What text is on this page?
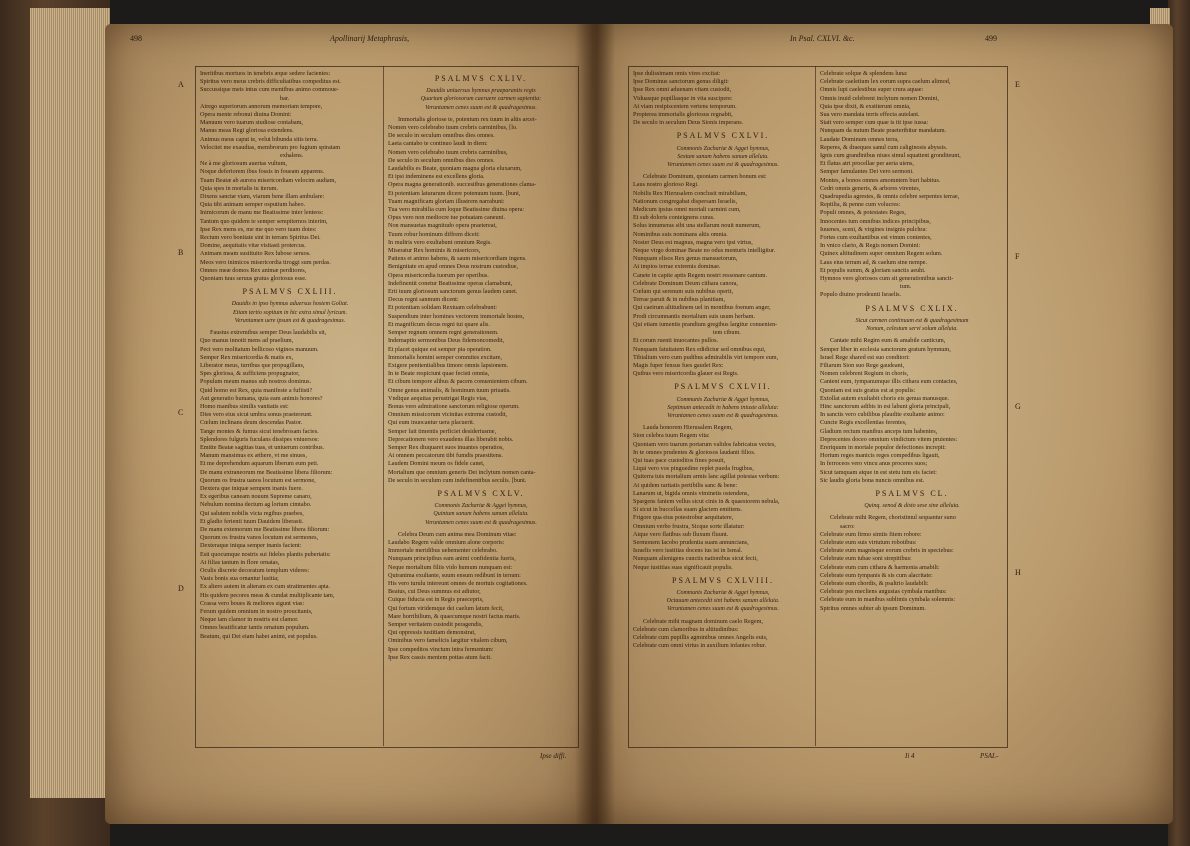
498	Apollinarij Metaphrasis,
A
B
C
D
Ineritibus mortuos in tenebris æque sedere facientes:
Spiritus vero meus crebris difficultatibus compeditus est.
Succussique meis intus cum mentibus animo commoue-
bar.
Atrego superiorum annorum memoriam tempore,
Opera mente rebonui diuina Domini:
Manuum vero tuarum studiose contabam,
Manus meas Regi gloriosa extendens.
Animus meus caput te, velut bibunda sitis terra.
Velocitet me exaudias, membrorum pro fugium spiratam
exhalens.
Ne à me gloriosum auertas vultum,
Noque deferiorem ibus fossis in foueam apparens.
Tuam Beatæ ab aurora misericordiam velocim audiam,
Quia spes in mortalis tu iterum.
Dixens sanctæ viam, viarum bene illam ambulare:
Quia tibi animam semper osputium habeo.
Inimicorum de manu me Beatissime inter lenteos:
Tantum quo quidem te semper sempiternos interim,
Ipse Rex mens es, me me quo vero tuam dotes:
Rectum vero bonitate sint in terram Spiritus Dei.
Domine, aequitatis vitæ visitasti protercus.
Animam meam sustituito Rex lubose seruos.
Meos vero inimicos misericordia tiroggi sum perdas.
Omnes meæ domos Rex animæ perditores,
Quoniam tuus seruus gratus gloriosus esse.
PSALMVS CXLIII.
Dauidis in ipso hymnus aduersus hostem Goliat.
Etiam tertio sopitum in hic extra simul lyricum.
Veruntamen uere ipsum est & quadragesimus.
Faustus extremibus semper Deus laudabilis sit,
Quo manus innotit mens ad praelium,
Pect vero molitatum bellicoso viginos manuum.
Semper Rex misericordia & matis ex,
Liberator meus, turribus que propugillans,
Spes gloriosa, & sufficiens propugnator,
Populum meum manus sub nostros dominus.
Quid homo est Rex, quia manifeste a fufiisti?
Aut generatio humana, quia eam animis honores?
Homo manibus similis vanitatis est:
Dies vero eius sicut umbra sonus praetereunt.
Cœlum inclinans deum descendas Pastor.
Tange montes & fumus sicut tenebrosam facies.
Splendores fulguris fuculans dissipes vniuersos:
Emitte Beatæ sagittas tuas, et uniuerum contribus.
Manum mansimus ex æthere, vt me sinues,
Et me deprehendum aquarum liberum eum peti.
De manu extraneorum me Beatissime libera filiorum:
Quorum os frustra uanos locutum est sermone,
Dextera que iniquæ sempem inanis fuere.
Ex egeribus caneam nouum Supreme canaro,
Nebulum nomina dectum ag lorium cimtabo.
Qui salutem nobilis victa regibus praebes,
Et gladio ferienti tuum Dauidem liberasti.
De manu extemorum me Beatissime libera filiorum:
Quorum os frustra vanos locutum est sermones,
Dexteraque iniqua semper inanis facient:
Esti quocumque nostris sui fideles plantis pubertatis:
At filias tantum in flore ornatas,
Oculis discrete decoratum templum videres:
Vasis bonis sua ornantur lusitia;
Ex altero autem in alteram ex cum stratimentes apta.
His quidem pecores meas & cundat multiplicante tam,
Crassa vero boues & meliores sigunt vias:
Ferum quidem omnium in nostro proucitanis,
Neque iam clamor in nostris est clamor.
Omnes beatificatur tantis ornatum populum.
Beatum, qui Dei eiam habet animi, est populus.
PSALMVS CXLIV.
Dauidis uniuersus hymnus praeparantis regis
Quartum gloriosorum caeruere carmen sapientia:
Veruntamen cenes suum est & quadragesimus.
Immortalis gloriose te, potentum rex tuum in altis arcet-
Nomen vero celebrabo tuum crebris carminibus, [lo.
De seculo in seculum omnibus dies omnes.
Laeta cantabo te continuo laudi in diem:
Nomen vero celebrabo tuum crebris carminibus,
De seculo in seculum omnibus dies omnes.
Laudabilis es Beate, quoniam magna gloria eluxarum,
Et ipsi indeminens est excellens gloria.
Opera magna generationib. succesiibus generationes clama-
Et potentiam laturarum dicere potenuum tuum. [buni,
Tuam magnificam gloriam illustrem narrabuni:
Tua vero mirabilia cum loque Beatissime diuina opera:
Opus vero non mediocre tue potuatam caneuni.
Non mansuetas magnitudo opera praetereat,
Tuum robur hominum diffrem diceit:
In multris vero exultabunt omnium Regis.
Miseratur Rex hominis & misericors,
Patiens et animo habens, & saum misericordiam ingens.
Benignitate en apud omnes Deus nostrum custodiue,
Opera misericordia tuorum per operibus.
Indefinentit conetur Beatissime operas clamabunt,
Erit tuum gloriosum sanctorum genus laudem canet.
Decus regni sanmum dicent:
Et potentiam solidam Rextuam celebrabunt:
Suspendium inter homines vectorem immortale hostes,
Et magnificum decus regni tui quare alis.
Semper regnum omnem regni generationem.
Indemaptio sermonibus Deus fidemoncomedit,
Et placet quique est semper pia operation.
Immortalis homini semper commites excitare,
Exigere penitentialibus timore omnis lapsionem.
In te Beate respiciunt quae fecisti omnia,
Et cibum tempore alibus & pacem conuenientem cibum.
Omne genus animalis, & hominum tuum priuatis.
Vndique aequitas perustrigat Regis vias,
Bonus vero admiratione sanctorum religiose operum.
Omnium missicorum vicinitas extrema custodit,
Qui eum inuocantur uera placuerit.
Semper fait timentis perficiet desideriusme,
Deprecationem vero exaudens illas liberabit nobis.
Semper Rex diuquaret suos inuantes operatios,
At omnem peccatorum tibi fumdis praestitens.
Laudem Domini meum os fidele canet,
Mortalium que omnium generis Dei inclytum nomen canta-
De seculo in seculum cum indefinentibus seculis. [bunt.
PSALMVS CXLV.
Commonis Zachariæ & Aggei hymnus,
Quintum sanum habens sanum alleluia.
Veruntamen cenes suum est & quadragesimus.
Celebra Deum cum anima mea Dominum vitae:
Laudabo Regem valde omnium alone corporis:
Immortale meridibus uehementer celebrabo.
Nunquam principibus eam animi confidentia fueris,
Neque mortalium filiis vido humum nunquam est:
Quiranima exultante, suum ensum redibunt in terram:
His vero turulu intereunt omnes de mortuis cogitationes.
Beatus, cui Deus summus est adiutor,
Cuique fiducia est in Regis praecepris,
Qui fortum viridemque dei caelum latum fecit,
Mare horribilium, & quaecumque nostri factus maris.
Semper veritatem custodit peragendis,
Qui oppressis iustitiam demonstrat,
Ominibus vero famelicis largitur vitalem cibum,
Ipse compeditos vinctum intra fermentum:
Ipse Rex cassis mentem pottas atum facit.
Ipse diffi.
In Psal. CXLVI. &c.	499
E
F
G
H
Ipse dulissimam omis vires excitat:
Ipse Dominus sanctorum genus diligit:
Ipse Rex omni aduenam vitam custodit,
Viduasque pupillasque in vita suscipere:
At viam resipiscentem vertens temporum.
Propterea immortalis gloriosus regnabit,
De seculo in seculum Deus Sionis imperans.
PSALMVS CXLVI.
Commonis Zachariæ & Aggei hymnus,
Sextum sanum habens sanum alleluia.
Veruntamen cenes suum est & quadragesimus.
Celebrate Dominum, quoniam carmen bonum est:
Laus nostro glorioso Regi.
Nobilis Rex Hierusalem conclusit mirabiliam,
Nationum congregabat dispersam Israelis,
Medicum ipsius omni mortali carmini cum,
Et sub doloris conteignens curas.
Solus innumeras sibi una stellarum nouit numerum,
Nominibus suis nominans altis omnia.
Noster Deus est magnus, magna vero ipsi virtus,
Neque virgo dominae Beate no odus menturis intelligitur.
Nunquam elisos Rex genus mansuetorum,
At impios terrae extremis dominae.
Canete in capite aptis Regem nostri ressonare cantum.
Celebrate Dominum Deum cithara canora,
Cœlum qui serenum suis nubibus operit,
Terrae paruit & in nubibus planitiam,
Qui caeirum altitudinem uel in montibus foenum anger,
Prodi circumnantis mortalium suis usum herbam.
Qui etiam iumentis prandium gregibus largitur conuenien-
tem cibum.
Et corum ruenti inuocantes pullos.
Nunquam fatuitatem Rex edidictur sed omnibus equi,
Tibialium vero cum pudibus admirabilis viri tempore eum,
Magis fuper fensus fues gaudet Rex:
Quibus vero misericordia glauer est Regis.
PSALMVS CXLVII.
Communis Zachariæ & Aggei hymnus,
Septimum antecedit in habens iniuste alleluia:
Veruntamen cenes suum est & quadragesimus.
Lauda honorem Hierusalem Regem,
Sion celebra tuum Regem vita:
Quoniam vero tuarum portarum validos fabricatus vectes,
In te omnes prudentes & gloriosos laudanti filios.
Qui tuas pace custoditos fines posuit,
Liqui vero vos pinguedine replet pueda frugibus,
Quiterra tuis mortalium armis lanc agillat potestas verbum:
At quidem raritatis pertibilis sanc & bene:
Lanarum ut, bigida omnis viminetis ostendens,
Spargens fantem vellus sicut cinis in & quaestorem nebula,
Si sicut in buccellas suam glaciem emittens.
Frigore qua eius potestrobur aequitatere,
Omnium verbo frustra, Sicque sorte illatatur:
Atque vero flatibus sub fluxum fluunt.
Sermonem Iacobo prudentia suam annuncians,
Israelis vero iustitias docens ius ist in Isreal.
Nunquam alienigens cunctis nationibus sicut fecit,
Neque iustitias suas significauit populis.
PSALMVS CXLVIII.
Communis Zachariæ & Aggei hymnus,
Octauum antecedit sint habens sanum alleluia.
Veruntamen cenes suum est & quadragesimus.
Celebrate mihi magnam dominum caelo Regem,
Celebrate cum clamoribus in altitudinibus:
Celebrate cum pupillis agminibus omnes Angelis euis,
Celebrate cum omni virtus in auxilium infantes robur.
Celebrate solque & splendens luna:
Celebrate caeletium lex eorum supra caelum alimod,
Omnis lupi caelestibus super crura aquae:
Omnis inuid celebrent inclytum nomen Domini,
Quia ipse dixit, & exstiterunt omnia,
Sua vero mandata terris effecta autelant.
Statt vero semper cum quae is tit ipse iussa:
Nunquam da nutum Beate praeteribitur mandatum.
Laudate Dominum omnes terra,
Reperes, & draeques sanul cum caliginosis abyssis.
Ignis cum grandinibus niues simul squattent gronditeunt,
Et flatus atri procellae per aeria uiens,
Semper famulantes Dei vero sermoni.
Montes, a bonos omnes amomntem buri habitus.
Cedri omnis generis, & arbores virentes,
Quadrupedia agrestes, & omnis celebre serpentes terrae,
Reptilia, & penne cum volucres:
Populi omnes, & potestates Reges,
Innocentes tum omnibus indices principibus,
Iuuenes, sceni, & virgines insignis pulchra:
Fortes cum exultantibus est vinum contentes,
In vnico clario, & Regis nomen Domini:
Quinex altitudinem super omnium Regem solum.
Laus eius terram ad, & caelum sine nempe.
Et populis summ, & gloriam sanctis aeuhi.
Hymnos vero gloriosos cum sit generationibus sancti-
tum.
Populo diuino prodeunti Israelis.
PSALMVS CXLIX.
Sicut carmen continuum est & quadragesimum
Nonum, celestum servi solum alleluia.
Cantate mihi Regim eum & amabile canticum,
Semper liber in ecclesia sanctorum gratum hymnum,
Israel Rege shared est suo conditori:
Filiarum Sion suo Rege gaudeant,
Nomen celebrent Regium in choris,
Cantent eum, tympanumque illis cithara eum contactes,
Quoniam est suis gratus est at populis:
Extollat autem exultabit choris eis genua manusque.
Hinc sanctorum adibis in est labunt gloria principali,
In sanctis vero cubilibus plaudite exultante animo:
Cuncte Regis excellentias ferentes,
Gladium rectum manibus anceps tum habentes,
Deprecentes doceo omnium vindictum vitem pruientes:
Ereriquum in mortale populor defectiones increpit:
Hortum reges manicis reges compedibus ligauit,
In ferroceos vero vincu anus proceres suos;
Sicut tamquam atque in est stetu tum eis faciet:
Sic laudis gloria bona nuncis omnibus est.
PSALMVS CL.
Quinq. senod & disto sese sine alleluia.
Celebrate mihi Regem, choristimul sequantur suno
sacro:
Celebrate eum firmo simtis fitem robore:
Celebrate eum suis virtutum robotibus:
Celebrate eum magnisque eorum crebris in speciebus:
Celebrate eum tubae soni strepitibus:
Celebrate eum cum cithara & harmonia amabili:
Celebrate eum tympanis & sis cum alacritate:
Celebrate eum chordis, & psaltrio laudabili:
Celebrate pes mecliens angustas cymbala manibus:
Celebrate eum in manibus sublimis cymbala solemnis:
Spiritus omnes subter ab ipsum Dominum.
Ii 4	PSAL-
